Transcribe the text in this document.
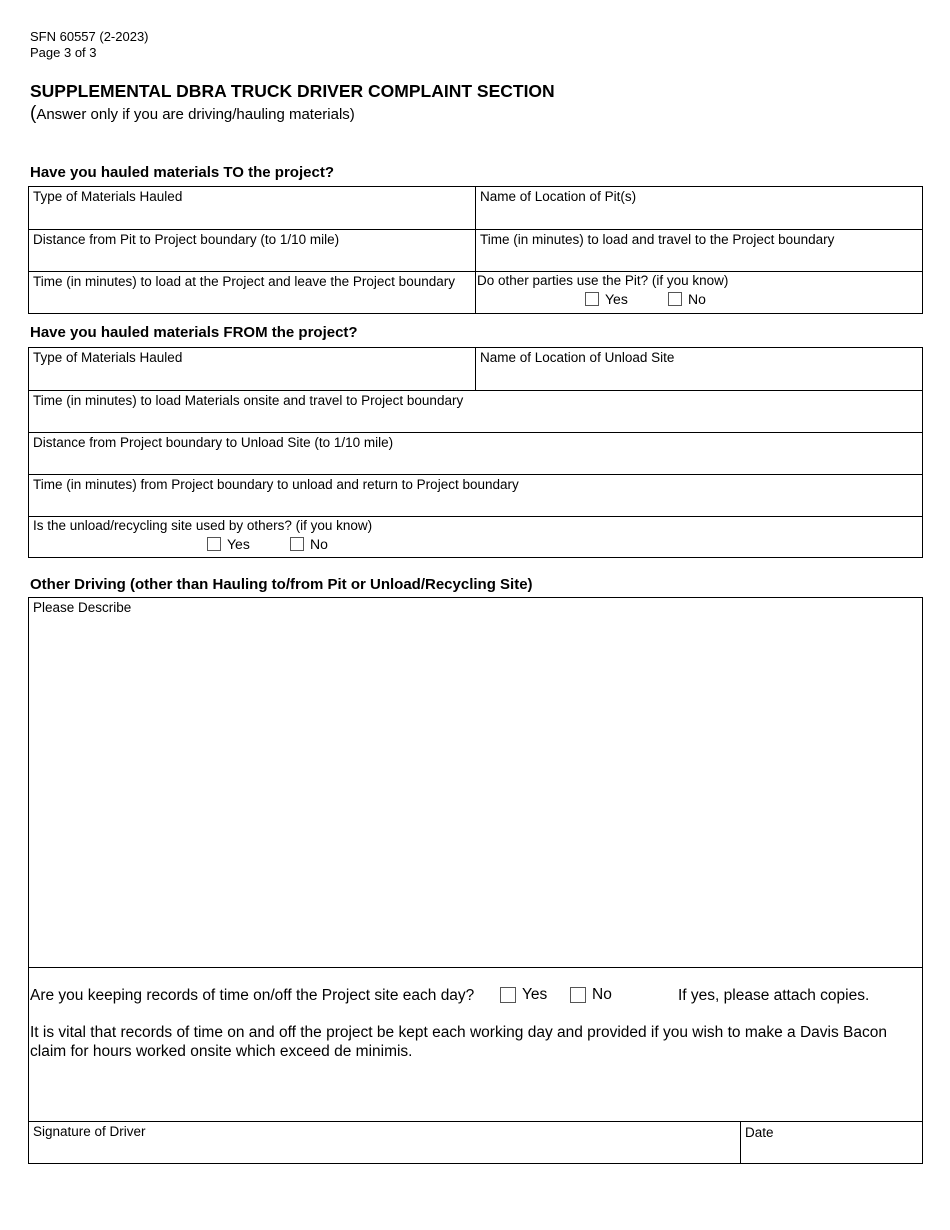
SFN 60557 (2-2023)
Page 3 of 3
SUPPLEMENTAL DBRA TRUCK DRIVER COMPLAINT SECTION
(Answer only if you are driving/hauling materials)
Have you hauled materials TO the project?
Type of Materials Hauled	Name of Location of Pit(s)
Distance from Pit to Project boundary (to 1/10 mile)	Time (in minutes) to load and travel to the Project boundary
Time (in minutes) to load at the Project and leave the Project boundary	Do other parties use the Pit? (if you know)
Yes	No
Have you hauled materials FROM the project?
Type of Materials Hauled	Name of Location of Unload Site
Time (in minutes) to load Materials onsite and travel to Project boundary
Distance from Project boundary to Unload Site (to 1/10 mile)
Time (in minutes) from Project boundary to unload and return to Project boundary
Is the unload/recycling site used by others? (if you know)
Yes	No
Other Driving (other than Hauling to/from Pit or Unload/Recycling Site)
Please Describe
Are you keeping records of time on/off the Project site each day?	Yes	No	If yes, please attach copies.
It is vital that records of time on and off the project be kept each working day and provided if you wish to make a Davis Bacon claim for hours worked onsite which exceed de minimis.
Signature of Driver	Date
